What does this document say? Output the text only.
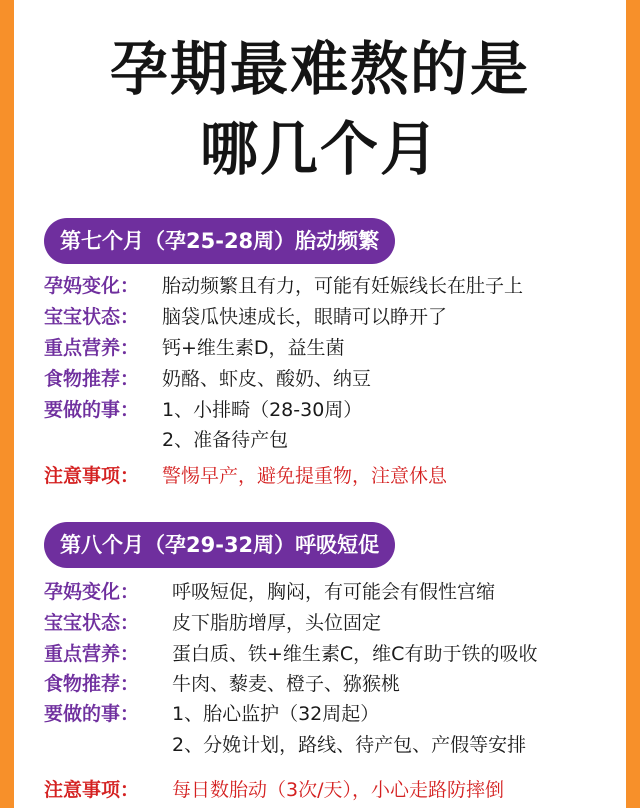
孕期最难熬的是
哪几个月
第七个月（孕25-28周）胎动频繁
孕妈变化： 胎动频繁且有力，可能有妊娠线长在肚子上
宝宝状态： 脑袋瓜快速成长，眼睛可以睁开了
重点营养： 钙+维生素D，益生菌
食物推荐： 奶酪、虾皮、酸奶、纳豆
要做的事： 1、小排畸（28-30周）
2、准备待产包
注意事项： 警惕早产，避免提重物，注意休息
第八个月（孕29-32周）呼吸短促
孕妈变化： 呼吸短促，胸闷，有可能会有假性宫缩
宝宝状态： 皮下脂肪增厚，头位固定
重点营养： 蛋白质、铁+维生素C，维C有助于铁的吸收
食物推荐： 牛肉、藜麦、橙子、猕猴桃
要做的事： 1、胎心监护（32周起）
2、分娩计划，路线、待产包、产假等安排
注意事项： 每日数胎动（3次/天），小心走路防摔倒
